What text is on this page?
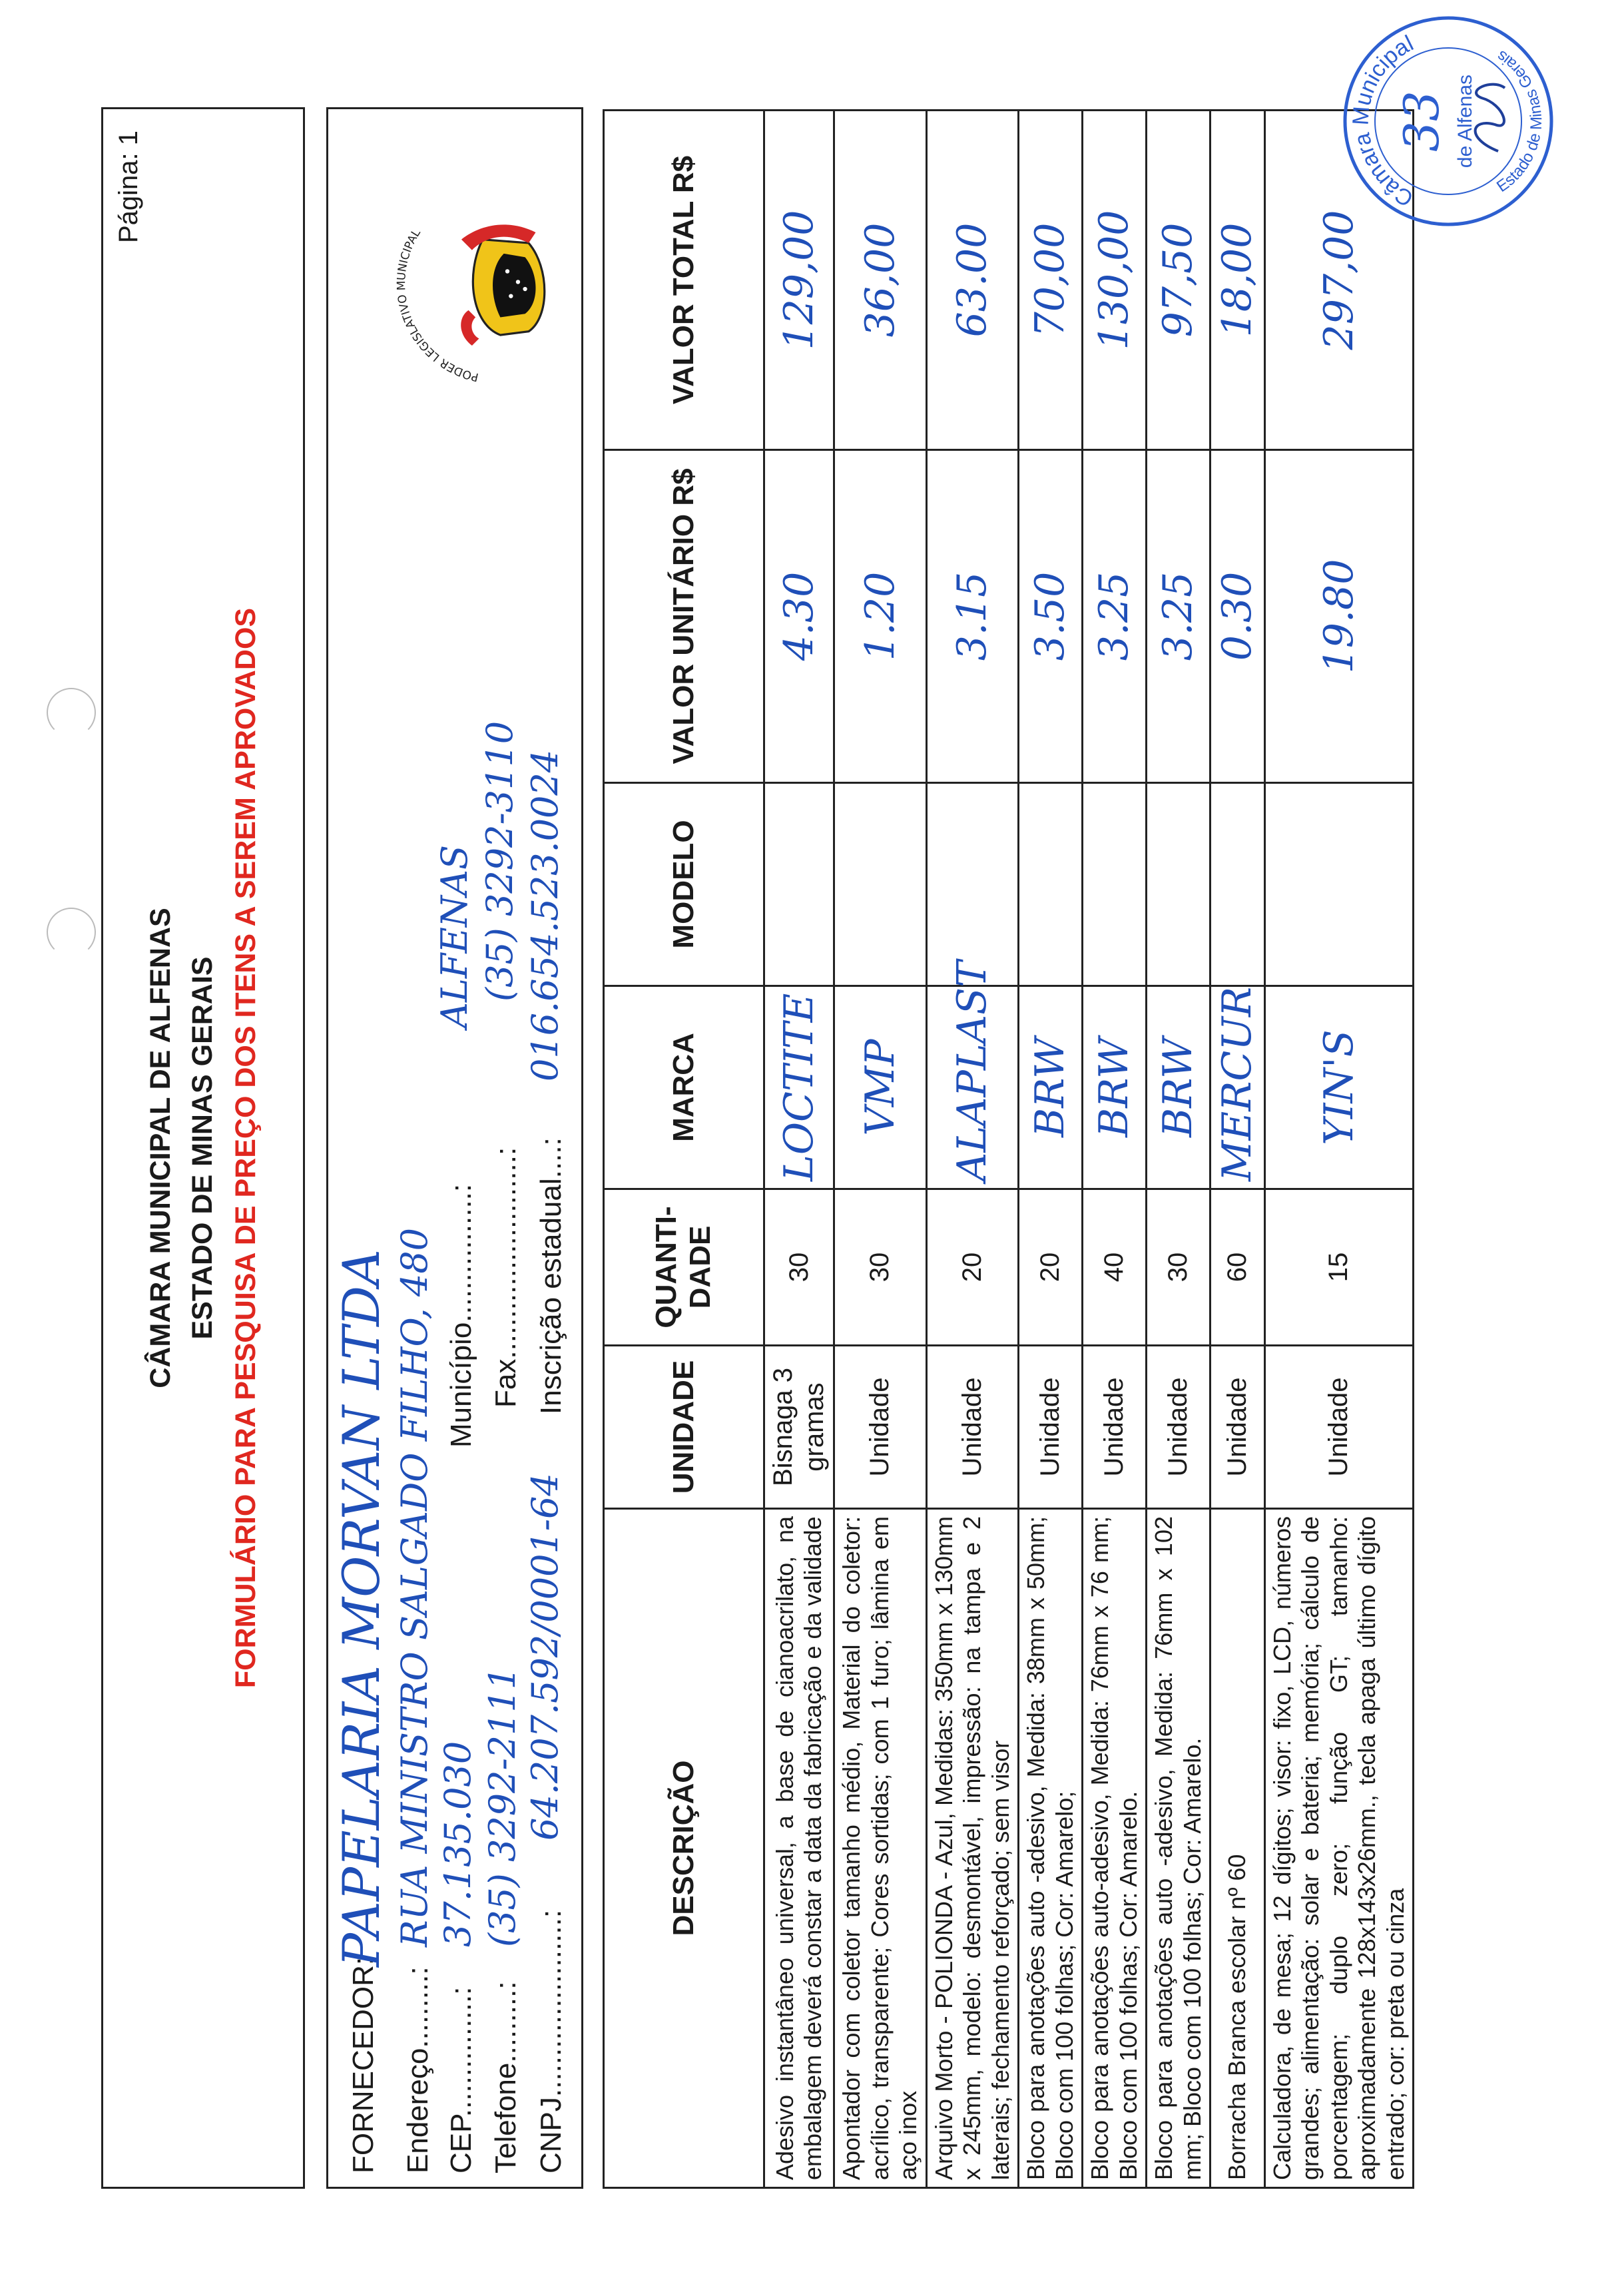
Página: 1
CÂMARA MUNICIPAL DE ALFENAS ESTADO DE MINAS GERAIS FORMULÁRIO PARA PESQUISA DE PREÇO DOS ITENS A SEREM APROVADOS
PODER LEGISLATIVO MUNICIPAL
FORNECEDOR:
PAPELARIA MORVAN LTDA
Endereço.........:
RUA MINISTRO SALGADO FILHO, 480
CEP...............:
37.135.030
Município................:
ALFENAS
Telefone.........:
(35) 3292-2111
Fax.........................:
(35) 3292-3110
CNPJ......................:
64.207.592/0001-64
Inscrição estadual....:
016.654.523.0024
DESCRIÇÃO	UNIDADE	QUANTI- DADE	MARCA	MODELO	VALOR UNITÁRIO R$	VALOR TOTAL R$
Adesivo instantâneo universal, a base de cianoacrilato, na embalagem deverá constar a data da fabricação e da validade	Bisnaga 3 gramas	30	LOCTITE		4.30	129,00
Apontador com coletor tamanho médio, Material do coletor: acrílico, transparente; Cores sortidas; com 1 furo; lâmina em aço inox	Unidade	30	VMP		1.20	36,00
Arquivo Morto - POLIONDA - Azul, Medidas: 350mm x 130mm x 245mm, modelo: desmontável, impressão: na tampa e 2 laterais; fechamento reforçado; sem visor	Unidade	20	ALAPLAST		3.15	63.00
Bloco para anotações auto -adesivo, Medida: 38mm x 50mm; Bloco com 100 folhas; Cor: Amarelo;	Unidade	20	BRW		3.50	70,00
Bloco para anotações auto-adesivo, Medida: 76mm x 76 mm; Bloco com 100 folhas; Cor: Amarelo.	Unidade	40	BRW		3.25	130,00
Bloco para anotações auto -adesivo, Medida: 76mm x 102 mm; Bloco com 100 folhas; Cor: Amarelo.	Unidade	30	BRW		3.25	97,50
Borracha Branca escolar nº 60	Unidade	60	MERCUR		0.30	18,00
Calculadora, de mesa; 12 dígitos; visor: fixo, LCD, números grandes; alimentação: solar e bateria; memória; cálculo de porcentagem; duplo zero; função GT; tamanho: aproximadamente 128x143x26mm., tecla apaga último dígito entrado; cor: preta ou cinza	Unidade	15	YIN'S		19.80	297,00
Câmara Municipal
33 de Alfenas
Estado de Minas Gerais
